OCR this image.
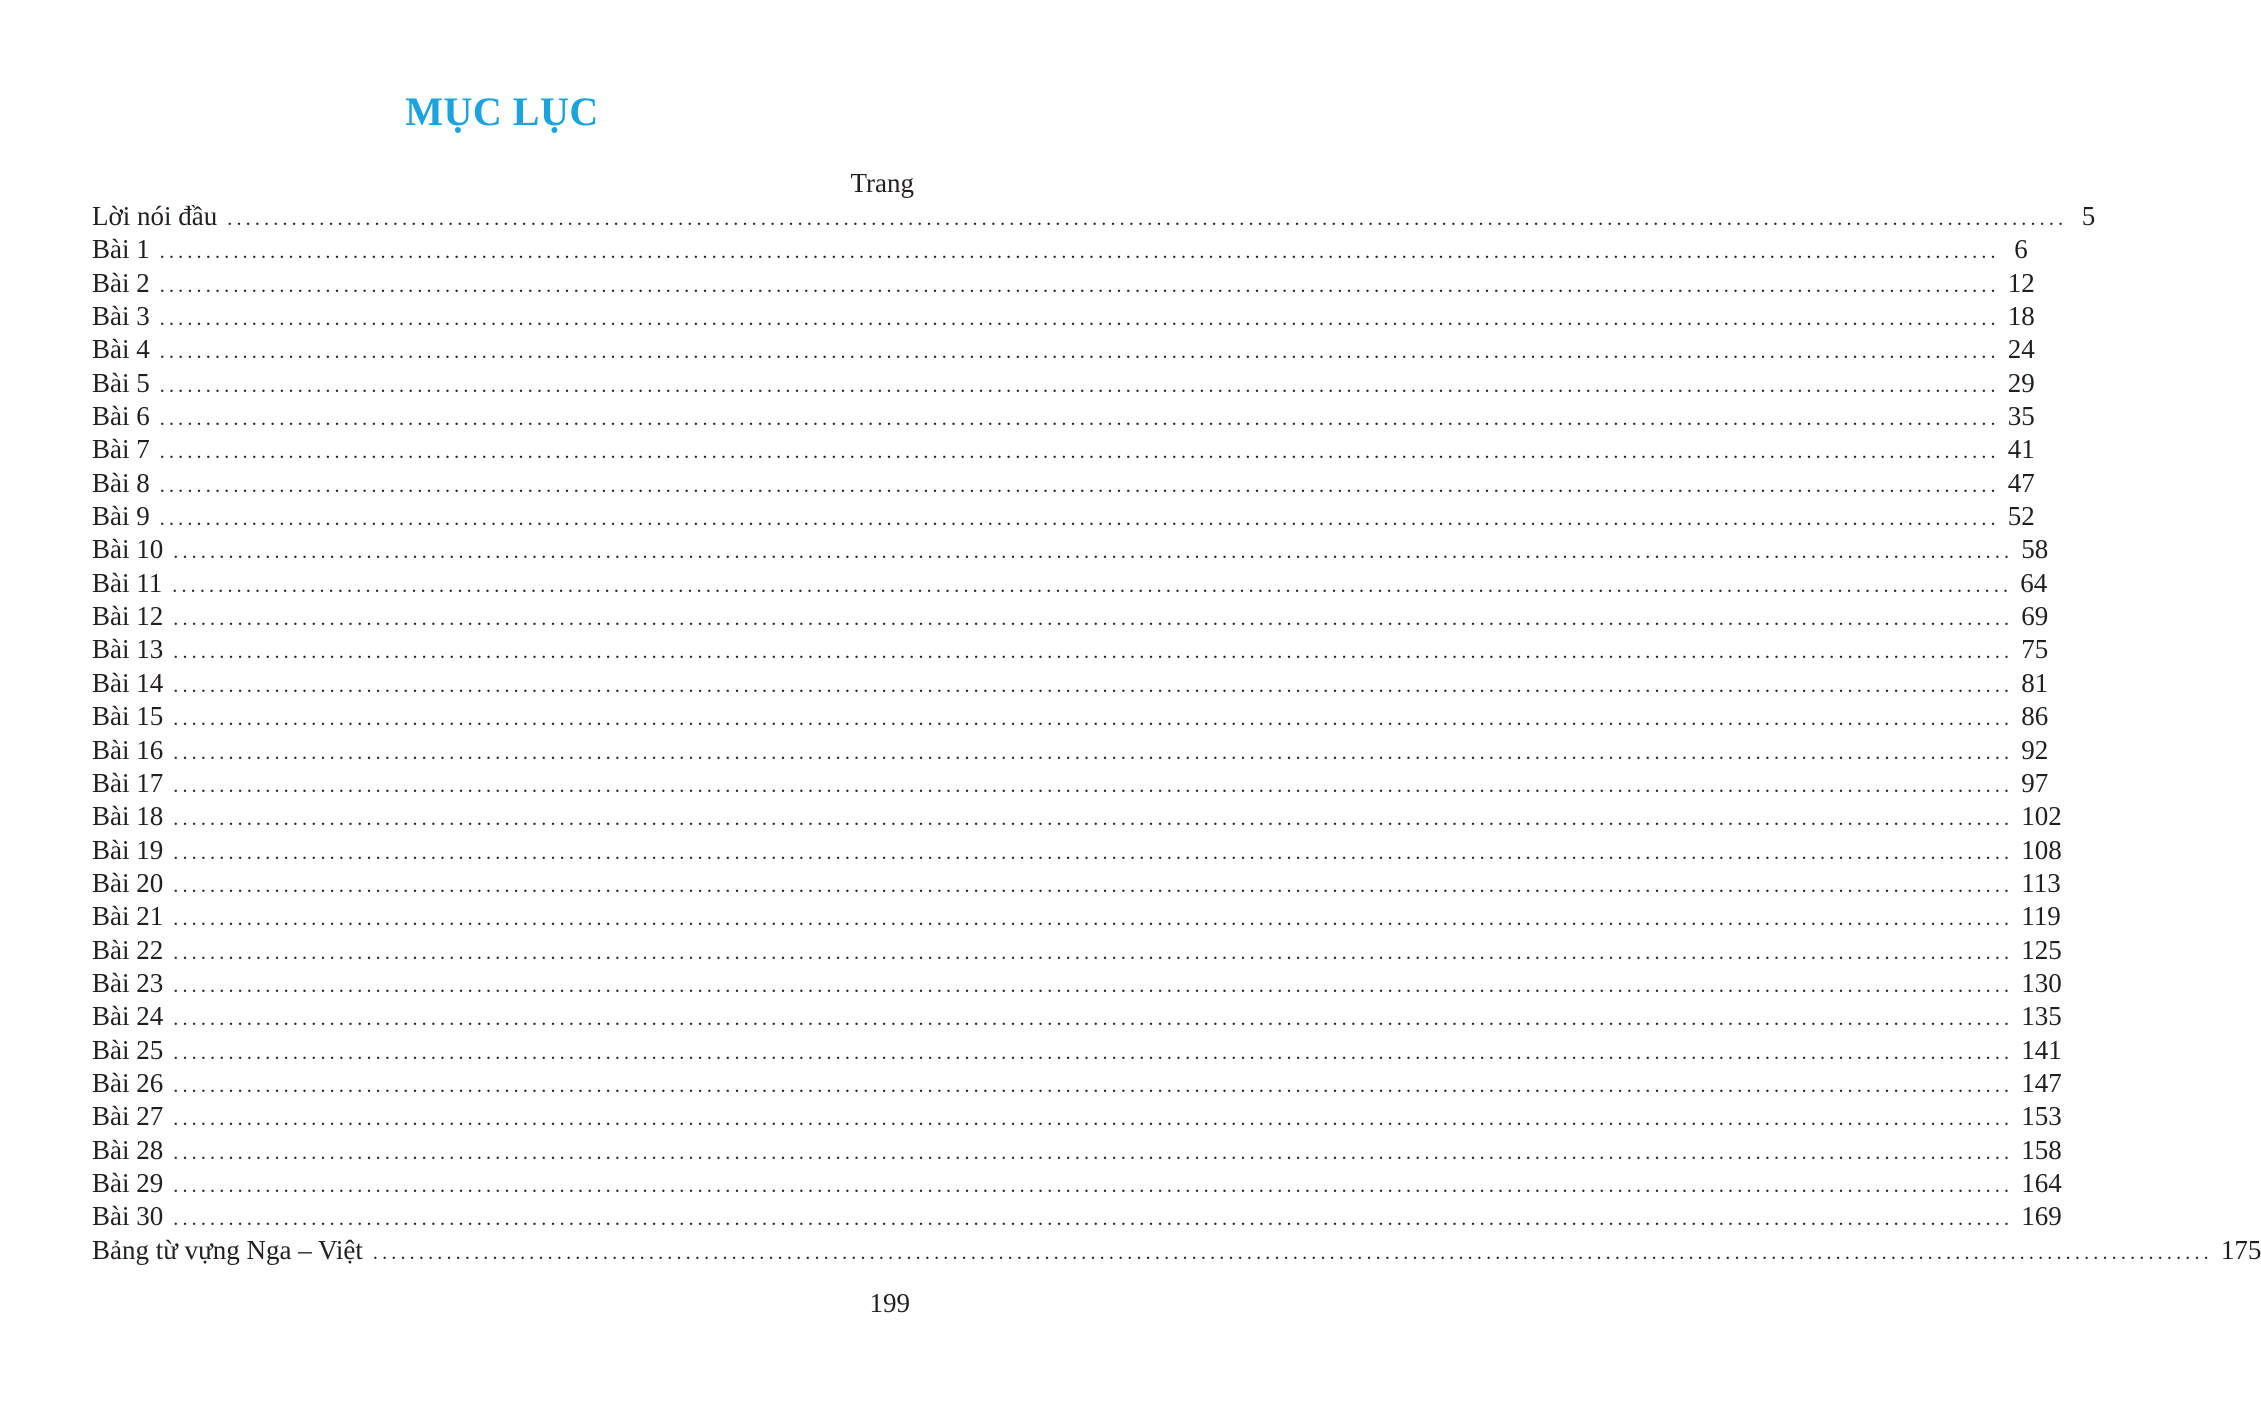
MỤC LỤC
Trang
Lời nói đầu ........................................................................................................................................................................................................ 5
Bài 1 ........................................................................................................................................................................................................ 6
Bài 2 ........................................................................................................................................................................................................ 12
Bài 3 ........................................................................................................................................................................................................ 18
Bài 4 ........................................................................................................................................................................................................ 24
Bài 5 ........................................................................................................................................................................................................ 29
Bài 6 ........................................................................................................................................................................................................ 35
Bài 7 ........................................................................................................................................................................................................ 41
Bài 8 ........................................................................................................................................................................................................ 47
Bài 9 ........................................................................................................................................................................................................ 52
Bài 10 ........................................................................................................................................................................................................ 58
Bài 11 ........................................................................................................................................................................................................ 64
Bài 12 ........................................................................................................................................................................................................ 69
Bài 13 ........................................................................................................................................................................................................ 75
Bài 14 ........................................................................................................................................................................................................ 81
Bài 15 ........................................................................................................................................................................................................ 86
Bài 16 ........................................................................................................................................................................................................ 92
Bài 17 ........................................................................................................................................................................................................ 97
Bài 18 ........................................................................................................................................................................................................ 102
Bài 19 ........................................................................................................................................................................................................ 108
Bài 20 ........................................................................................................................................................................................................ 113
Bài 21 ........................................................................................................................................................................................................ 119
Bài 22 ........................................................................................................................................................................................................ 125
Bài 23 ........................................................................................................................................................................................................ 130
Bài 24 ........................................................................................................................................................................................................ 135
Bài 25 ........................................................................................................................................................................................................ 141
Bài 26 ........................................................................................................................................................................................................ 147
Bài 27 ........................................................................................................................................................................................................ 153
Bài 28 ........................................................................................................................................................................................................ 158
Bài 29 ........................................................................................................................................................................................................ 164
Bài 30 ........................................................................................................................................................................................................ 169
Bảng từ vựng Nga – Việt ........................................................................................................................................................................................................ 175
199
